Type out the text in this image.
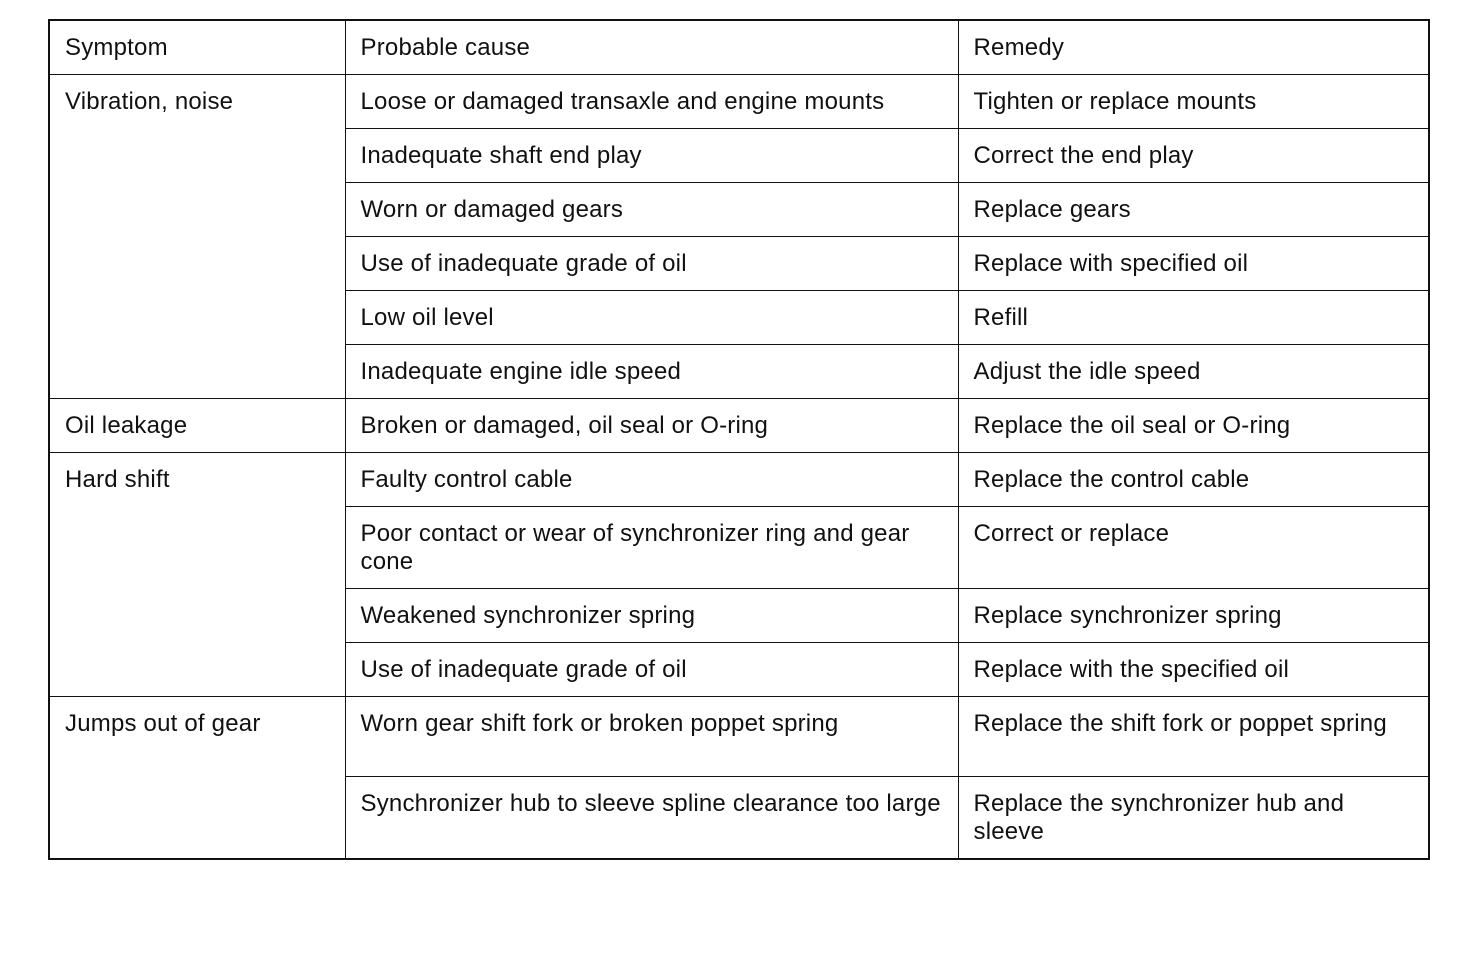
Symptom	Probable cause	Remedy
Vibration, noise	Loose or damaged transaxle and engine mounts	Tighten or replace mounts
	Inadequate shaft end play	Correct the end play
	Worn or damaged gears	Replace gears
	Use of inadequate grade of oil	Replace with specified oil
	Low oil level	Refill
	Inadequate engine idle speed	Adjust the idle speed
Oil leakage	Broken or damaged, oil seal or O-ring	Replace the oil seal or O-ring
Hard shift	Faulty control cable	Replace the control cable
	Poor contact or wear of synchronizer ring and gear cone	Correct or replace
	Weakened synchronizer spring	Replace synchronizer spring
	Use of inadequate grade of oil	Replace with the specified oil
Jumps out of gear	Worn gear shift fork or broken poppet spring	Replace the shift fork or poppet spring
	Synchronizer hub to sleeve spline clearance too large	Replace the synchronizer hub and sleeve
